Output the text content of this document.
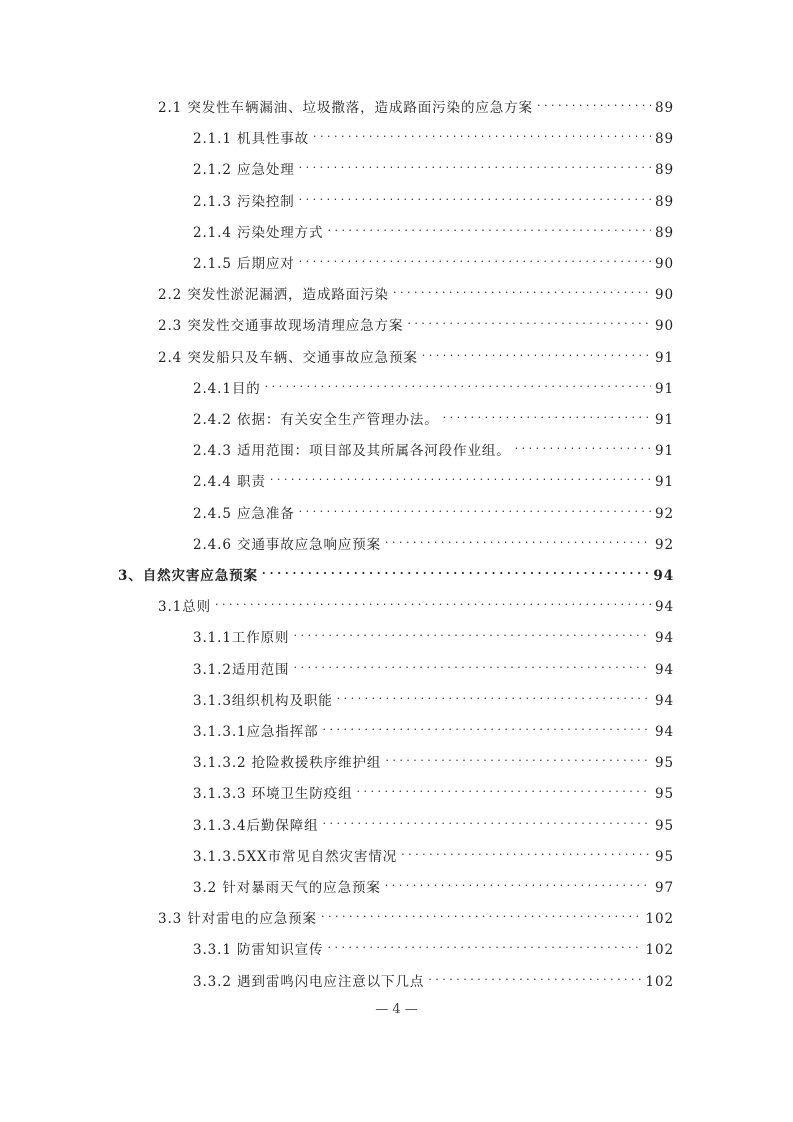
2.1 突发性车辆漏油、垃圾撒落，造成路面污染的应急方案 . . .	89
2.1.1 机具性事故 . . .	89
2.1.2 应急处理 . . .	89
2.1.3 污染控制 . . .	89
2.1.4 污染处理方式 . . .	89
2.1.5 后期应对 . . .	90
2.2 突发性淤泥漏洒，造成路面污染 . . .	90
2.3 突发性交通事故现场清理应急方案 . . .	90
2.4 突发船只及车辆、交通事故应急预案 . . .	91
2.4.1目的 . . .	91
2.4.2 依据：有关安全生产管理办法。 . . .	91
2.4.3 适用范围：项目部及其所属各河段作业组。 . . .	91
2.4.4 职责 . . .	91
2.4.5 应急准备 . . .	92
2.4.6 交通事故应急响应预案 . . .	92
3、自然灾害应急预案 . . .	94
3.1总则 . . .	94
3.1.1工作原则 . . .	94
3.1.2适用范围 . . .	94
3.1.3组织机构及职能 . . .	94
3.1.3.1应急指挥部 . . .	94
3.1.3.2 抢险救援秩序维护组 . . .	95
3.1.3.3 环境卫生防疫组 . . .	95
3.1.3.4后勤保障组 . . .	95
3.1.3.5XX市常见自然灾害情况 . . .	95
3.2 针对暴雨天气的应急预案 . . .	97
3.3 针对雷电的应急预案 . . .	102
3.3.1 防雷知识宣传 . . .	102
3.3.2 遇到雷鸣闪电应注意以下几点 . . .	102
— 4 —
